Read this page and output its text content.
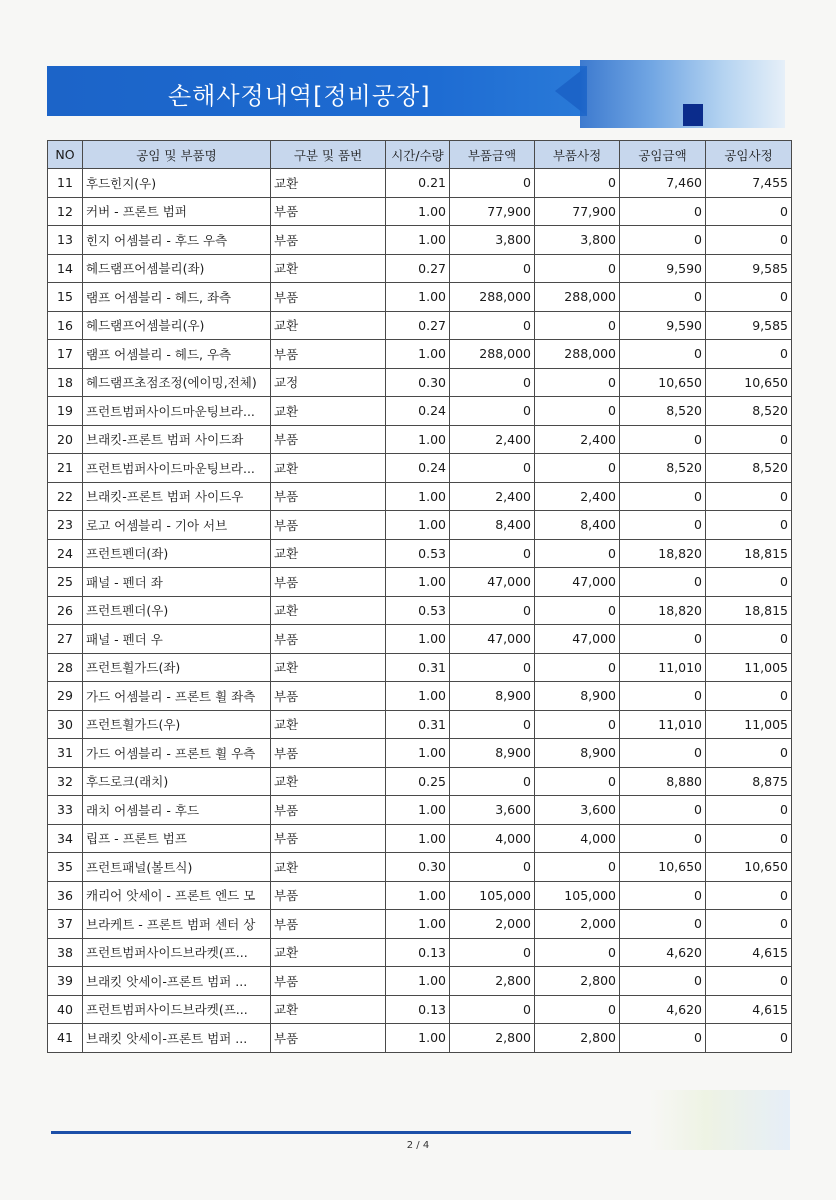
손해사정내역[정비공장]
NO	공임 및 부품명	구분 및 품번	시간/수량	부품금액	부품사정	공임금액	공임사정
11	후드힌지(우)	교환	0.21	0	0	7,460	7,455
12	커버 - 프론트 범퍼	부품	1.00	77,900	77,900	0	0
13	힌지 어셈블리 - 후드 우측	부품	1.00	3,800	3,800	0	0
14	헤드램프어셈블리(좌)	교환	0.27	0	0	9,590	9,585
15	램프 어셈블리 - 헤드, 좌측	부품	1.00	288,000	288,000	0	0
16	헤드램프어셈블리(우)	교환	0.27	0	0	9,590	9,585
17	램프 어셈블리 - 헤드, 우측	부품	1.00	288,000	288,000	0	0
18	헤드램프초점조정(에이밍,전체)	교정	0.30	0	0	10,650	10,650
19	프런트범퍼사이드마운팅브라...	교환	0.24	0	0	8,520	8,520
20	브래킷-프론트 범퍼 사이드좌	부품	1.00	2,400	2,400	0	0
21	프런트범퍼사이드마운팅브라...	교환	0.24	0	0	8,520	8,520
22	브래킷-프론트 범퍼 사이드우	부품	1.00	2,400	2,400	0	0
23	로고 어셈블리 - 기아 서브	부품	1.00	8,400	8,400	0	0
24	프런트펜더(좌)	교환	0.53	0	0	18,820	18,815
25	패널 - 펜더 좌	부품	1.00	47,000	47,000	0	0
26	프런트펜더(우)	교환	0.53	0	0	18,820	18,815
27	패널 - 펜더 우	부품	1.00	47,000	47,000	0	0
28	프런트휠가드(좌)	교환	0.31	0	0	11,010	11,005
29	가드 어셈블리 - 프론트 휠 좌측	부품	1.00	8,900	8,900	0	0
30	프런트휠가드(우)	교환	0.31	0	0	11,010	11,005
31	가드 어셈블리 - 프론트 휠 우측	부품	1.00	8,900	8,900	0	0
32	후드로크(래치)	교환	0.25	0	0	8,880	8,875
33	래치 어셈블리 - 후드	부품	1.00	3,600	3,600	0	0
34	립프 - 프론트 범프	부품	1.00	4,000	4,000	0	0
35	프런트패널(볼트식)	교환	0.30	0	0	10,650	10,650
36	캐리어 앗세이 - 프론트 엔드 모	부품	1.00	105,000	105,000	0	0
37	브라케트 - 프론트 범퍼 센터 상	부품	1.00	2,000	2,000	0	0
38	프런트범퍼사이드브라켓(프...	교환	0.13	0	0	4,620	4,615
39	브래킷 앗세이-프론트 범퍼 ...	부품	1.00	2,800	2,800	0	0
40	프런트범퍼사이드브라켓(프...	교환	0.13	0	0	4,620	4,615
41	브래킷 앗세이-프론트 범퍼 ...	부품	1.00	2,800	2,800	0	0
2 / 4
